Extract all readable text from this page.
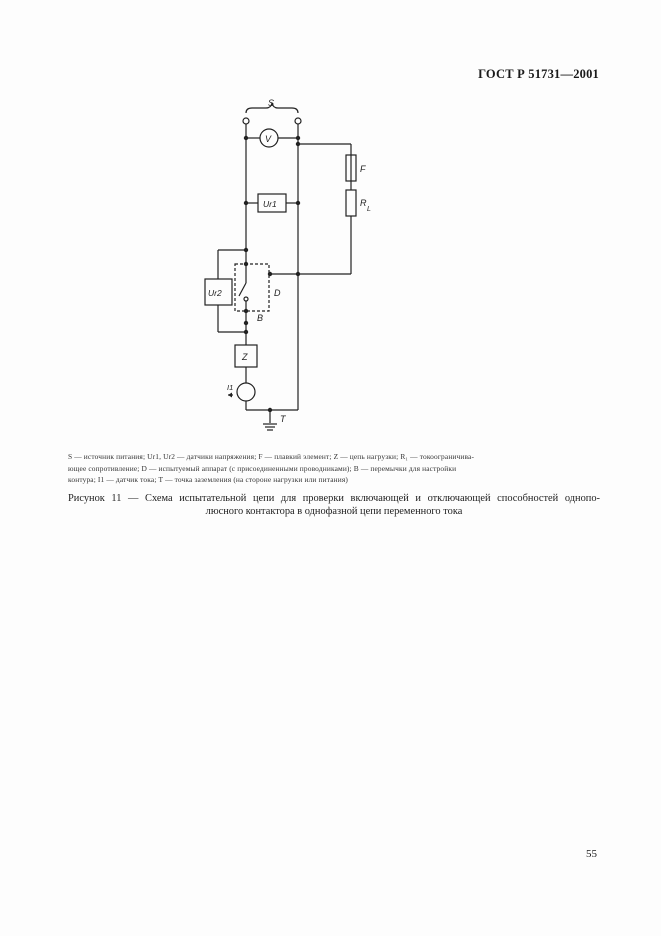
ГОСТ Р 51731—2001
S
V
F
R
L
Ur1
Ur2	D
B
Z
I1
T
S — источник питания; Ur1, Ur2 — датчики напряжения; F — плавкий элемент; Z — цепь нагрузки; R₁ — токоограничива-
ющее сопротивление; D — испытуемый аппарат (с присоединенными проводниками); B — перемычки для настройки
контура; I1 — датчик тока; T — точка заземления (на стороне нагрузки или питания)
Рисунок 11 — Схема испытательной цепи для проверки включающей и отключающей способностей однопо-
люсного контактора в однофазной цепи переменного тока
55
